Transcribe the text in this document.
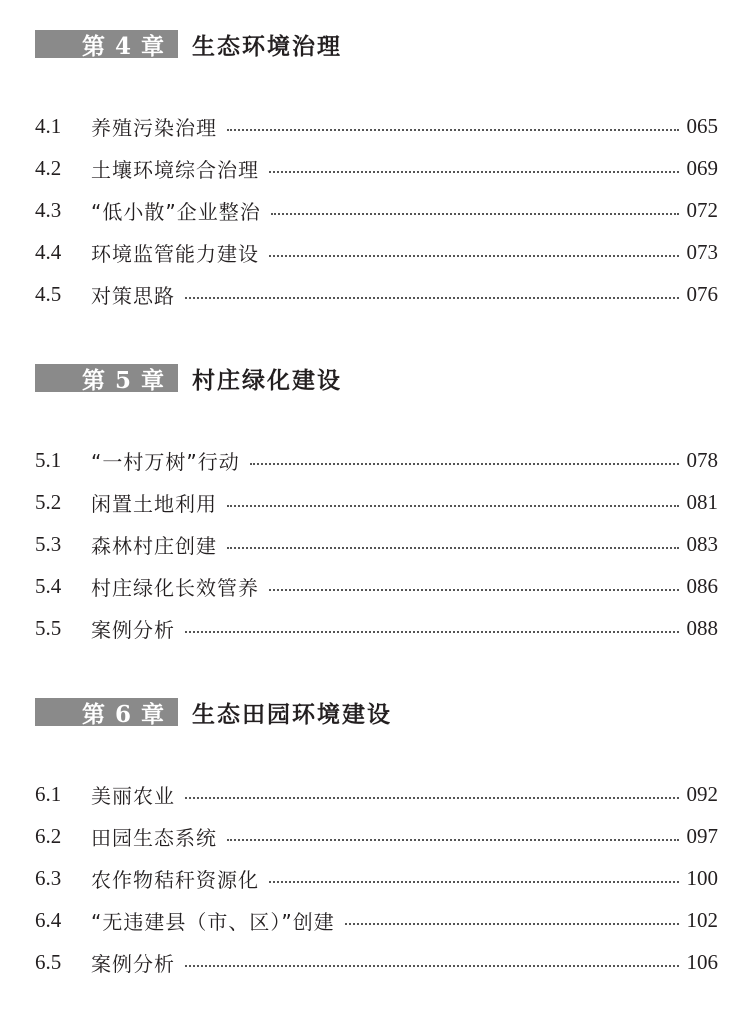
第 4 章	生态环境治理
4.1	养殖污染治理	065
4.2	土壤环境综合治理	069
4.3	“低小散”企业整治	072
4.4	环境监管能力建设	073
4.5	对策思路	076
第 5 章	村庄绿化建设
5.1	“一村万树”行动	078
5.2	闲置土地利用	081
5.3	森林村庄创建	083
5.4	村庄绿化长效管养	086
5.5	案例分析	088
第 6 章	生态田园环境建设
6.1	美丽农业	092
6.2	田园生态系统	097
6.3	农作物秸秆资源化	100
6.4	“无违建县（市、区）”创建	102
6.5	案例分析	106
